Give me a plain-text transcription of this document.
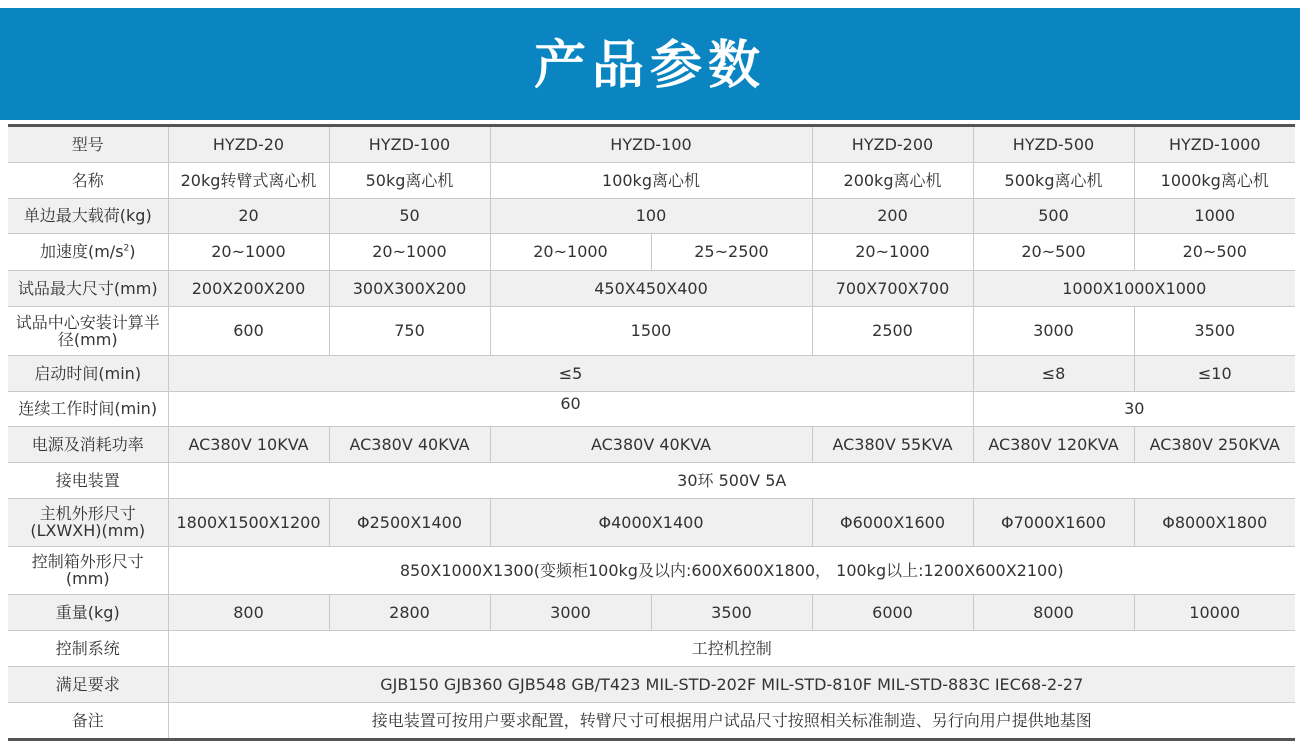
产品参数
型号	HYZD-20	HYZD-100	HYZD-100		HYZD-200	HYZD-500	HYZD-1000
名称	20kg转臂式离心机	50kg离心机	100kg离心机		200kg离心机	500kg离心机	1000kg离心机
单边最大载荷(kg)	20	50	100		200	500	1000
加速度$(m/s^2)$	20~1000	20~1000	20~1000	25~2500	20~1000	20~500	20~500
试品最大尺寸(mm)	200X200X200	300X300X200	450X450X400		700X700X700	1000X1000X1000	
试品中心安装计算半径(mm)	600	750	1500		2500	3000	3500
启动时间(min)	≤5					≤8	≤10
连续工作时间(min)	60					30	
电源及消耗功率	AC380V 10KVA	AC380V 40KVA	AC380V 40KVA		AC380V 55KVA	AC380V 120KVA	AC380V 250KVA
接电装置	30环 500V 5A						
主机外形尺寸(LXWXH)(mm)	1800X1500X1200	Φ2500X1400	Φ4000X1400		Φ6000X1600	Φ7000X1600	Φ8000X1800
控制箱外形尺寸(mm)	850X1000X1300(变频柜100kg及以内:600X600X1800， 100kg以上:1200X600X2100)						
重量(kg)	800	2800	3000	3500	6000	8000	10000
控制系统	工控机控制						
满足要求	GJB150 GJB360 GJB548 GB/T423 MIL-STD-202F MIL-STD-810F MIL-STD-883C IEC68-2-27						
备注	接电装置可按用户要求配置，转臂尺寸可根据用户试品尺寸按照相关标准制造、另行向用户提供地基图						
